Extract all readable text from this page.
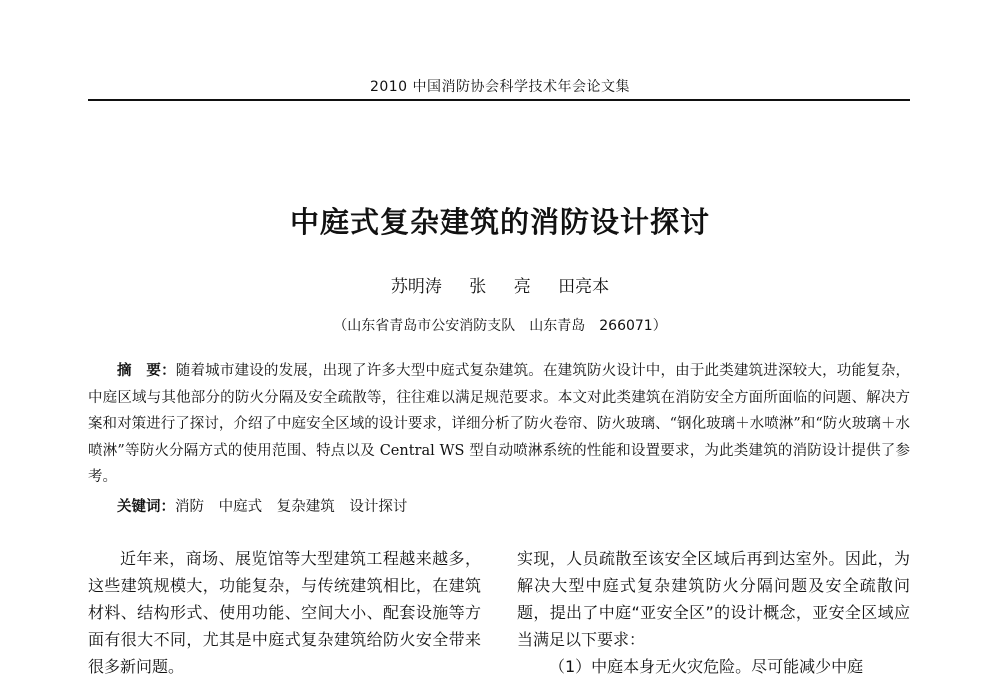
2010 中国消防协会科学技术年会论文集
中庭式复杂建筑的消防设计探讨
苏明涛 张 亮 田亮本
（山东省青岛市公安消防支队　山东青岛　266071）
摘　要：随着城市建设的发展，出现了许多大型中庭式复杂建筑。在建筑防火设计中，由于此类建筑进深较大，功能复杂，中庭区域与其他部分的防火分隔及安全疏散等，往往难以满足规范要求。本文对此类建筑在消防安全方面所面临的问题、解决方案和对策进行了探讨，介绍了中庭安全区域的设计要求，详细分析了防火卷帘、防火玻璃、“钢化玻璃＋水喷淋”和“防火玻璃＋水喷淋”等防火分隔方式的使用范围、特点以及 Central WS 型自动喷淋系统的性能和设置要求，为此类建筑的消防设计提供了参考。
关键词：消防 中庭式 复杂建筑 设计探讨

近年来，商场、展览馆等大型建筑工程越来越多，这些建筑规模大，功能复杂，与传统建筑相比，在建筑材料、结构形式、使用功能、空间大小、配套设施等方面有很大不同，尤其是中庭式复杂建筑给防火安全带来很多新问题。

实现，人员疏散至该安全区域后再到达室外。因此，为解决大型中庭式复杂建筑防火分隔问题及安全疏散问题，提出了中庭“亚安全区”的设计概念，亚安全区域应当满足以下要求：

（1）中庭本身无火灾危险。尽可能减少中庭
